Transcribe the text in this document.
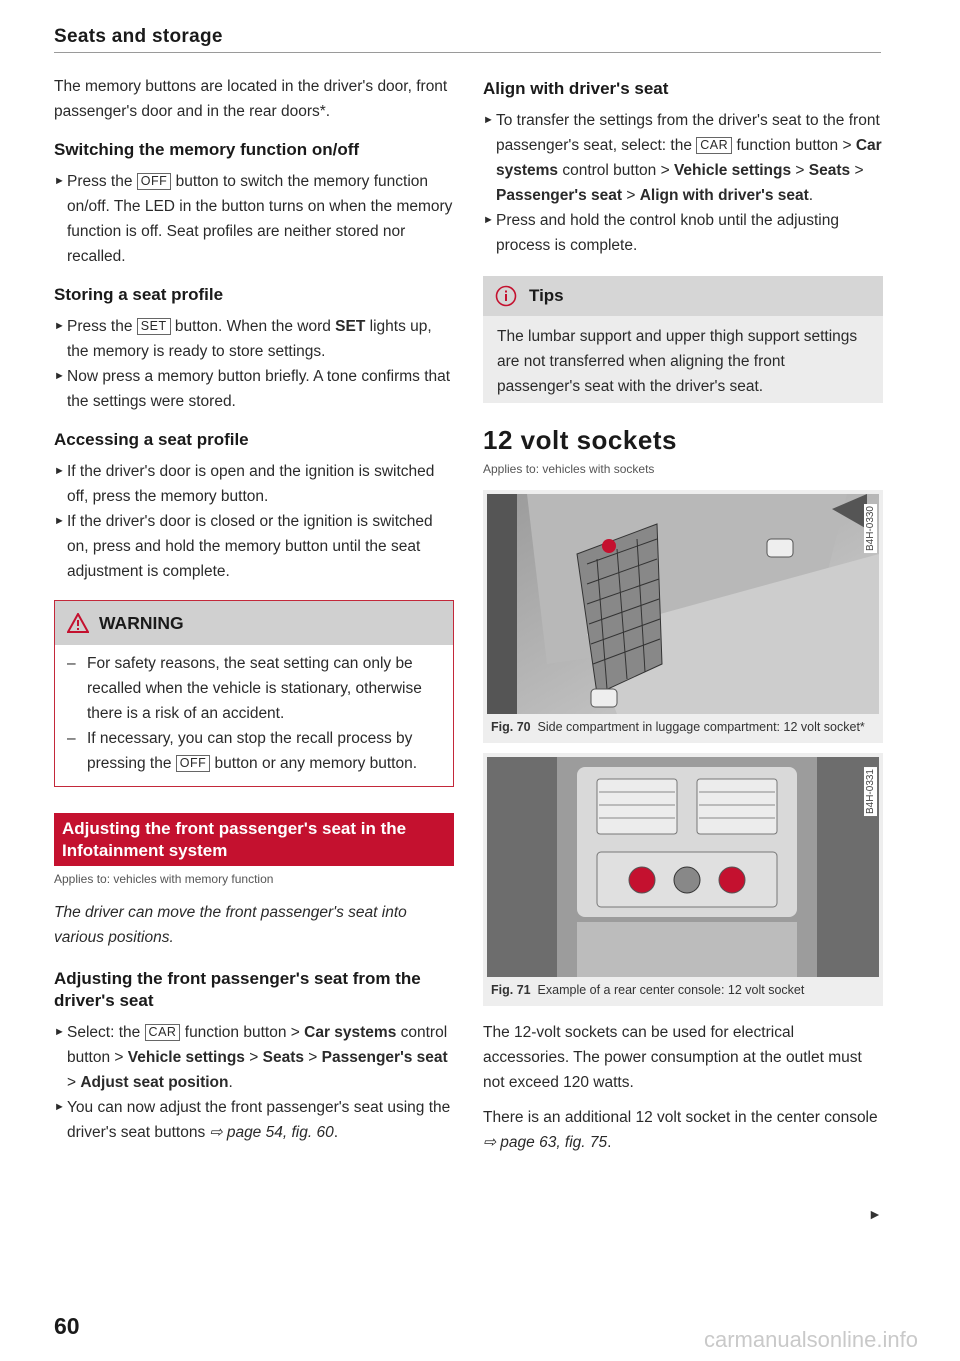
Seats and storage

The memory buttons are located in the driver's door, front passenger's door and in the rear doors*.

Switching the memory function on/off
► Press the OFF button to switch the memory function on/off. The LED in the button turns on when the memory function is off. Seat profiles are neither stored nor recalled.
Storing a seat profile
► Press the SET button. When the word SET lights up, the memory is ready to store settings.
► Now press a memory button briefly. A tone confirms that the settings were stored.
Accessing a seat profile
► If the driver's door is open and the ignition is switched off, press the memory button.
► If the driver's door is closed or the ignition is switched on, press and hold the memory button until the seat adjustment is complete.
WARNING
– For safety reasons, the seat setting can only be recalled when the vehicle is stationary, otherwise there is a risk of an accident.
– If necessary, you can stop the recall process by pressing the OFF button or any memory button.
Adjusting the front passenger's seat in the Infotainment system
Applies to: vehicles with memory function
The driver can move the front passenger's seat into various positions.
Adjusting the front passenger's seat from the driver's seat
► Select: the CAR function button > Car systems control button > Vehicle settings > Seats > Passenger's seat > Adjust seat position.
► You can now adjust the front passenger's seat using the driver's seat buttons ⇨ page 54, fig. 60.
Align with driver's seat
► To transfer the settings from the driver's seat to the front passenger's seat, select: the CAR function button > Car systems control button > Vehicle settings > Seats > Passenger's seat > Align with driver's seat.
► Press and hold the control knob until the adjusting process is complete.
Tips

The lumbar support and upper thigh support settings are not transferred when aligning the front passenger's seat with the driver's seat.

12 volt sockets
Applies to: vehicles with sockets
B4H-0330
Fig. 70 Side compartment in luggage compartment: 12 volt socket*
B4H-0331
Fig. 71 Example of a rear center console: 12 volt socket

The 12-volt sockets can be used for electrical accessories. The power consumption at the outlet must not exceed 120 watts.

There is an additional 12 volt socket in the center console ⇨ page 63, fig. 75.

►
60
carmanualsonline.info
